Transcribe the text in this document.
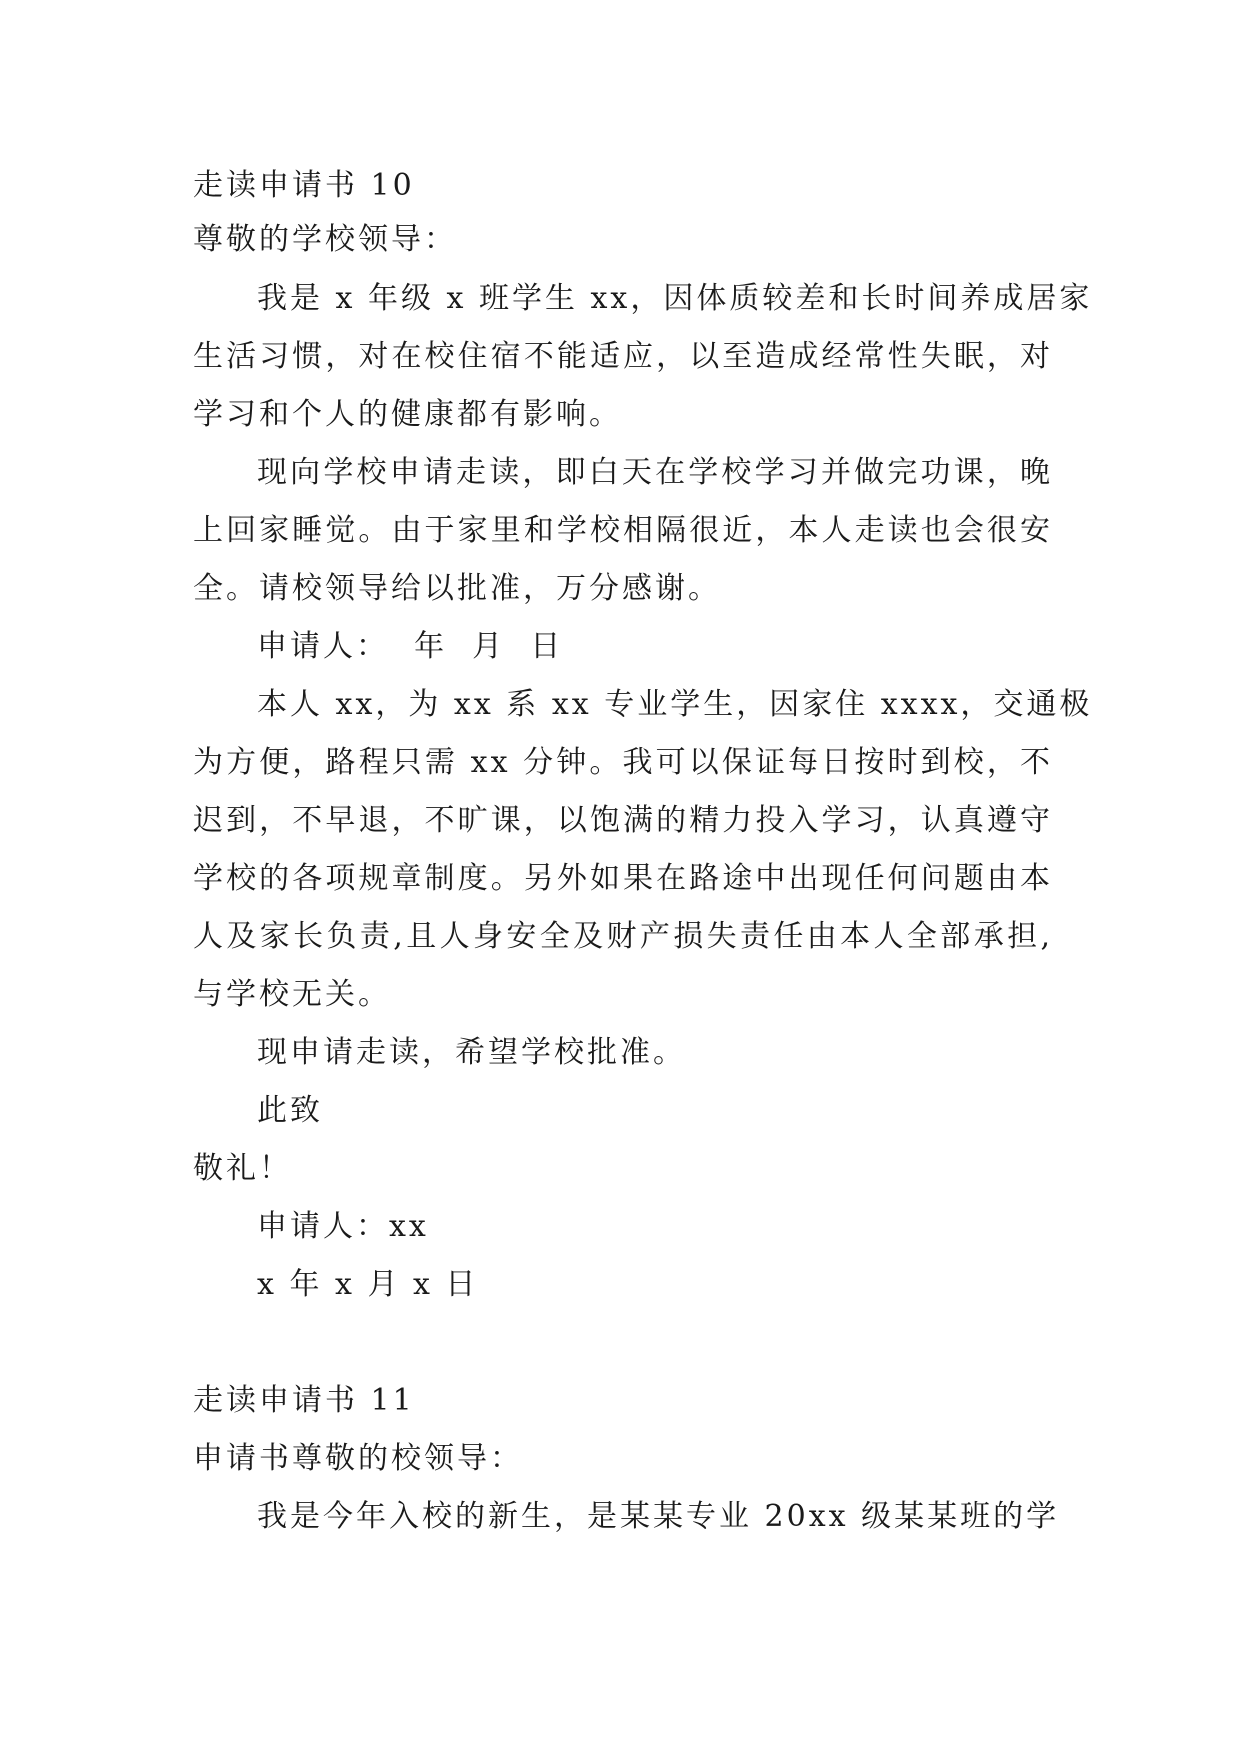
走读申请书 10
尊敬的学校领导：
我是 x 年级 x 班学生 xx，因体质较差和长时间养成居家
生活习惯，对在校住宿不能适应，以至造成经常性失眠，对
学习和个人的健康都有影响。
现向学校申请走读，即白天在学校学习并做完功课，晚
上回家睡觉。由于家里和学校相隔很近，本人走读也会很安
全。请校领导给以批准，万分感谢。
申请人：  年  月  日
本人 xx，为 xx 系 xx 专业学生，因家住 xxxx，交通极
为方便，路程只需 xx 分钟。我可以保证每日按时到校，不
迟到，不早退，不旷课，以饱满的精力投入学习，认真遵守
学校的各项规章制度。另外如果在路途中出现任何问题由本
人及家长负责,且人身安全及财产损失责任由本人全部承担,
与学校无关。
现申请走读，希望学校批准。
此致
敬礼！
申请人：xx
x 年 x 月 x 日
走读申请书 11
申请书尊敬的校领导：
我是今年入校的新生，是某某专业 20xx 级某某班的学
